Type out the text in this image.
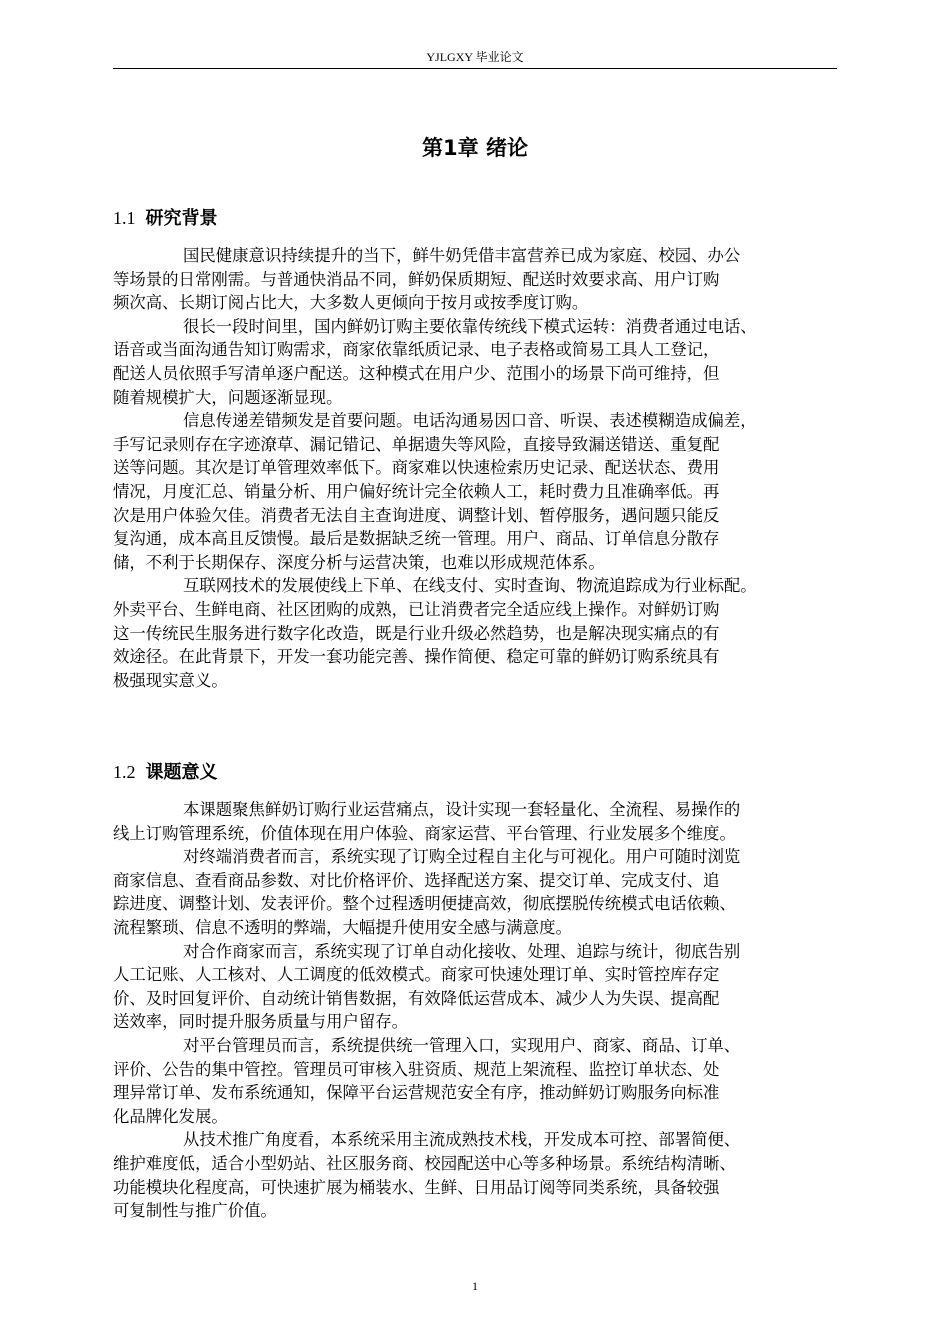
YJLGXY 毕业论文
第1章 绪论
1.1 研究背景
国民健康意识持续提升的当下，鲜牛奶凭借丰富营养已成为家庭、校园、办公
等场景的日常刚需。与普通快消品不同，鲜奶保质期短、配送时效要求高、用户订购
频次高、长期订阅占比大，大多数人更倾向于按月或按季度订购。
很长一段时间里，国内鲜奶订购主要依靠传统线下模式运转：消费者通过电话、
语音或当面沟通告知订购需求，商家依靠纸质记录、电子表格或简易工具人工登记，
配送人员依照手写清单逐户配送。这种模式在用户少、范围小的场景下尚可维持，但
随着规模扩大，问题逐渐显现。
信息传递差错频发是首要问题。电话沟通易因口音、听误、表述模糊造成偏差，
手写记录则存在字迹潦草、漏记错记、单据遗失等风险，直接导致漏送错送、重复配
送等问题。其次是订单管理效率低下。商家难以快速检索历史记录、配送状态、费用
情况，月度汇总、销量分析、用户偏好统计完全依赖人工，耗时费力且准确率低。再
次是用户体验欠佳。消费者无法自主查询进度、调整计划、暂停服务，遇问题只能反
复沟通，成本高且反馈慢。最后是数据缺乏统一管理。用户、商品、订单信息分散存
储，不利于长期保存、深度分析与运营决策，也难以形成规范体系。
互联网技术的发展使线上下单、在线支付、实时查询、物流追踪成为行业标配。
外卖平台、生鲜电商、社区团购的成熟，已让消费者完全适应线上操作。对鲜奶订购
这一传统民生服务进行数字化改造，既是行业升级必然趋势，也是解决现实痛点的有
效途径。在此背景下，开发一套功能完善、操作简便、稳定可靠的鲜奶订购系统具有
极强现实意义。
1.2 课题意义
本课题聚焦鲜奶订购行业运营痛点，设计实现一套轻量化、全流程、易操作的
线上订购管理系统，价值体现在用户体验、商家运营、平台管理、行业发展多个维度。
对终端消费者而言，系统实现了订购全过程自主化与可视化。用户可随时浏览
商家信息、查看商品参数、对比价格评价、选择配送方案、提交订单、完成支付、追
踪进度、调整计划、发表评价。整个过程透明便捷高效，彻底摆脱传统模式电话依赖、
流程繁琐、信息不透明的弊端，大幅提升使用安全感与满意度。
对合作商家而言，系统实现了订单自动化接收、处理、追踪与统计，彻底告别
人工记账、人工核对、人工调度的低效模式。商家可快速处理订单、实时管控库存定
价、及时回复评价、自动统计销售数据，有效降低运营成本、减少人为失误、提高配
送效率，同时提升服务质量与用户留存。
对平台管理员而言，系统提供统一管理入口，实现用户、商家、商品、订单、
评价、公告的集中管控。管理员可审核入驻资质、规范上架流程、监控订单状态、处
理异常订单、发布系统通知，保障平台运营规范安全有序，推动鲜奶订购服务向标准
化品牌化发展。
从技术推广角度看，本系统采用主流成熟技术栈，开发成本可控、部署简便、
维护难度低，适合小型奶站、社区服务商、校园配送中心等多种场景。系统结构清晰、
功能模块化程度高，可快速扩展为桶装水、生鲜、日用品订阅等同类系统，具备较强
可复制性与推广价值。
1
